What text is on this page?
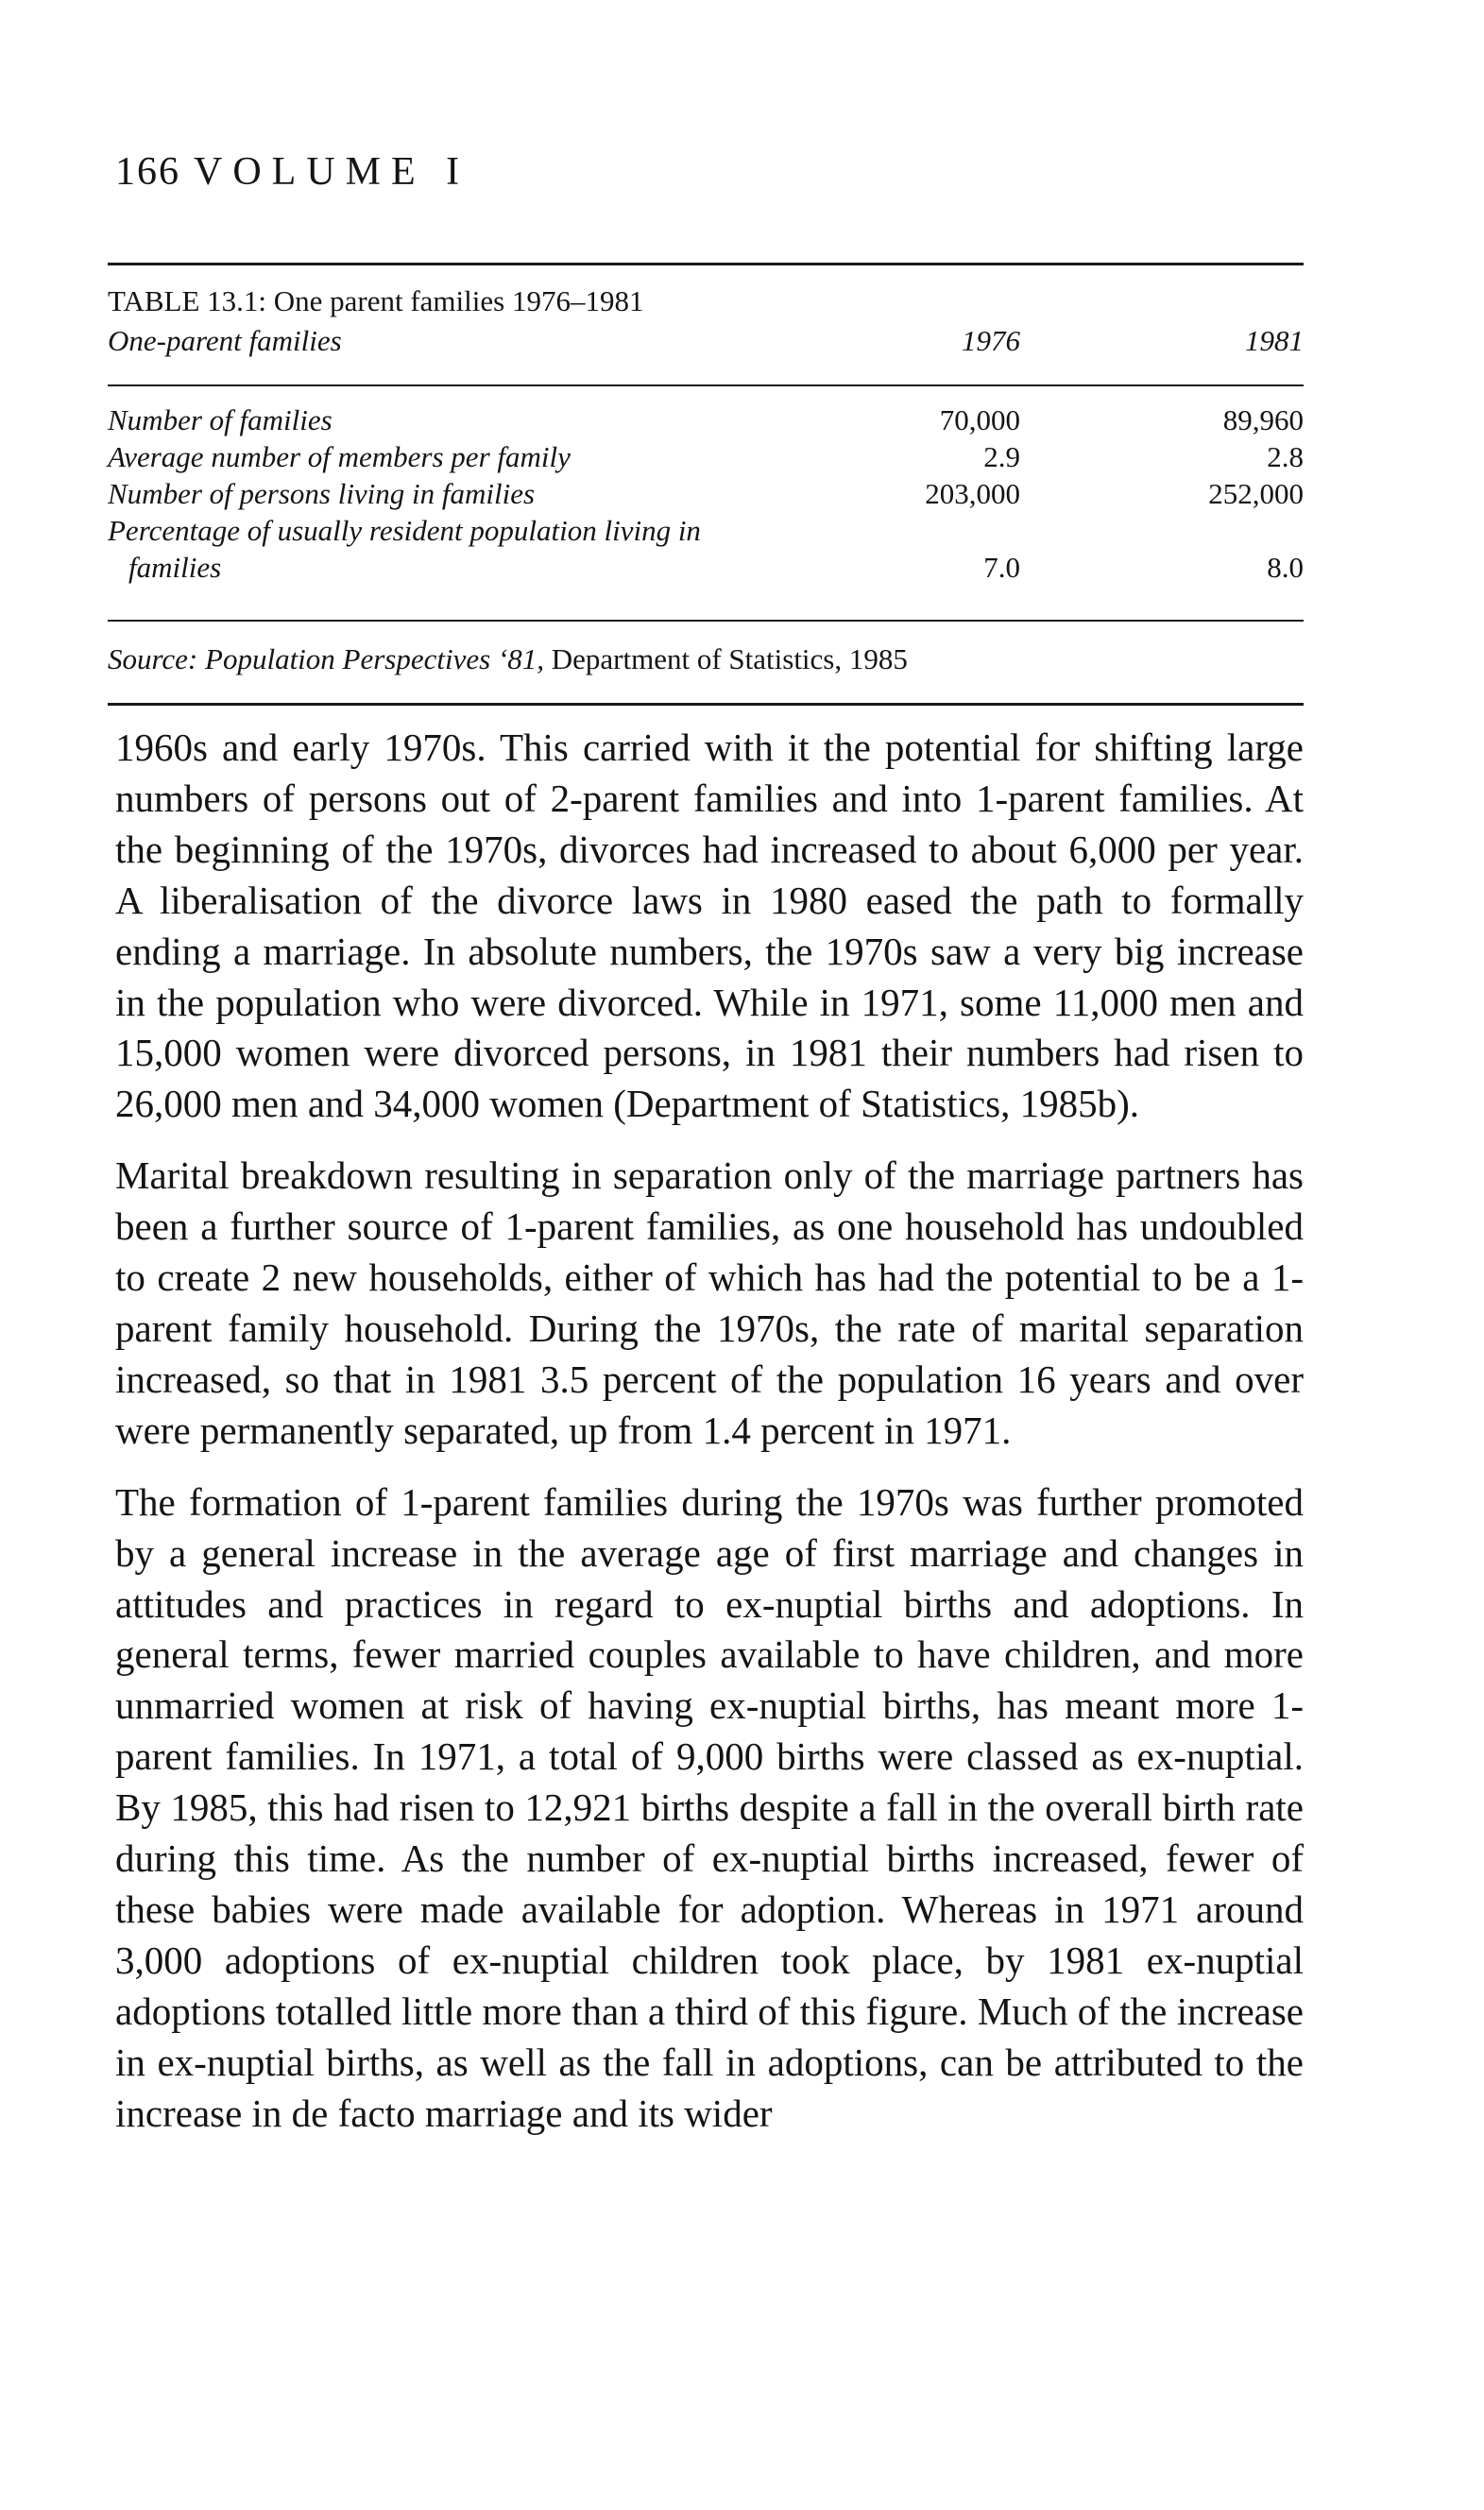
166 VOLUME I
TABLE 13.1: One parent families 1976–1981
One-parent families	1976	1981
Number of families	70,000	89,960
Average number of members per family	2.9	2.8
Number of persons living in families	203,000	252,000
Percentage of usually resident population living in
families	7.0	8.0
Source: Population Perspectives ‘81, Department of Statistics, 1985

1960s and early 1970s. This carried with it the potential for shifting large numbers of persons out of 2-parent families and into 1-parent families. At the beginning of the 1970s, divorces had increased to about 6,000 per year. A liberalisation of the divorce laws in 1980 eased the path to formally ending a marriage. In absolute numbers, the 1970s saw a very big increase in the population who were divorced. While in 1971, some 11,000 men and 15,000 women were divorced persons, in 1981 their numbers had risen to 26,000 men and 34,000 women (Department of Statistics, 1985b).

Marital breakdown resulting in separation only of the marriage partners has been a further source of 1-parent families, as one household has undoubled to create 2 new households, either of which has had the potential to be a 1-parent family household. During the 1970s, the rate of marital separation increased, so that in 1981 3.5 percent of the population 16 years and over were permanently separated, up from 1.4 percent in 1971.

The formation of 1-parent families during the 1970s was further promoted by a general increase in the average age of first marriage and changes in attitudes and practices in regard to ex-nuptial births and adoptions. In general terms, fewer married couples available to have children, and more unmarried women at risk of having ex-nuptial births, has meant more 1-parent families. In 1971, a total of 9,000 births were classed as ex-nuptial. By 1985, this had risen to 12,921 births despite a fall in the overall birth rate during this time. As the number of ex-nuptial births increased, fewer of these babies were made available for adoption. Whereas in 1971 around 3,000 adoptions of ex-nuptial children took place, by 1981 ex-nuptial adoptions totalled little more than a third of this figure. Much of the increase in ex-nuptial births, as well as the fall in adoptions, can be attributed to the increase in de facto marriage and its wider
